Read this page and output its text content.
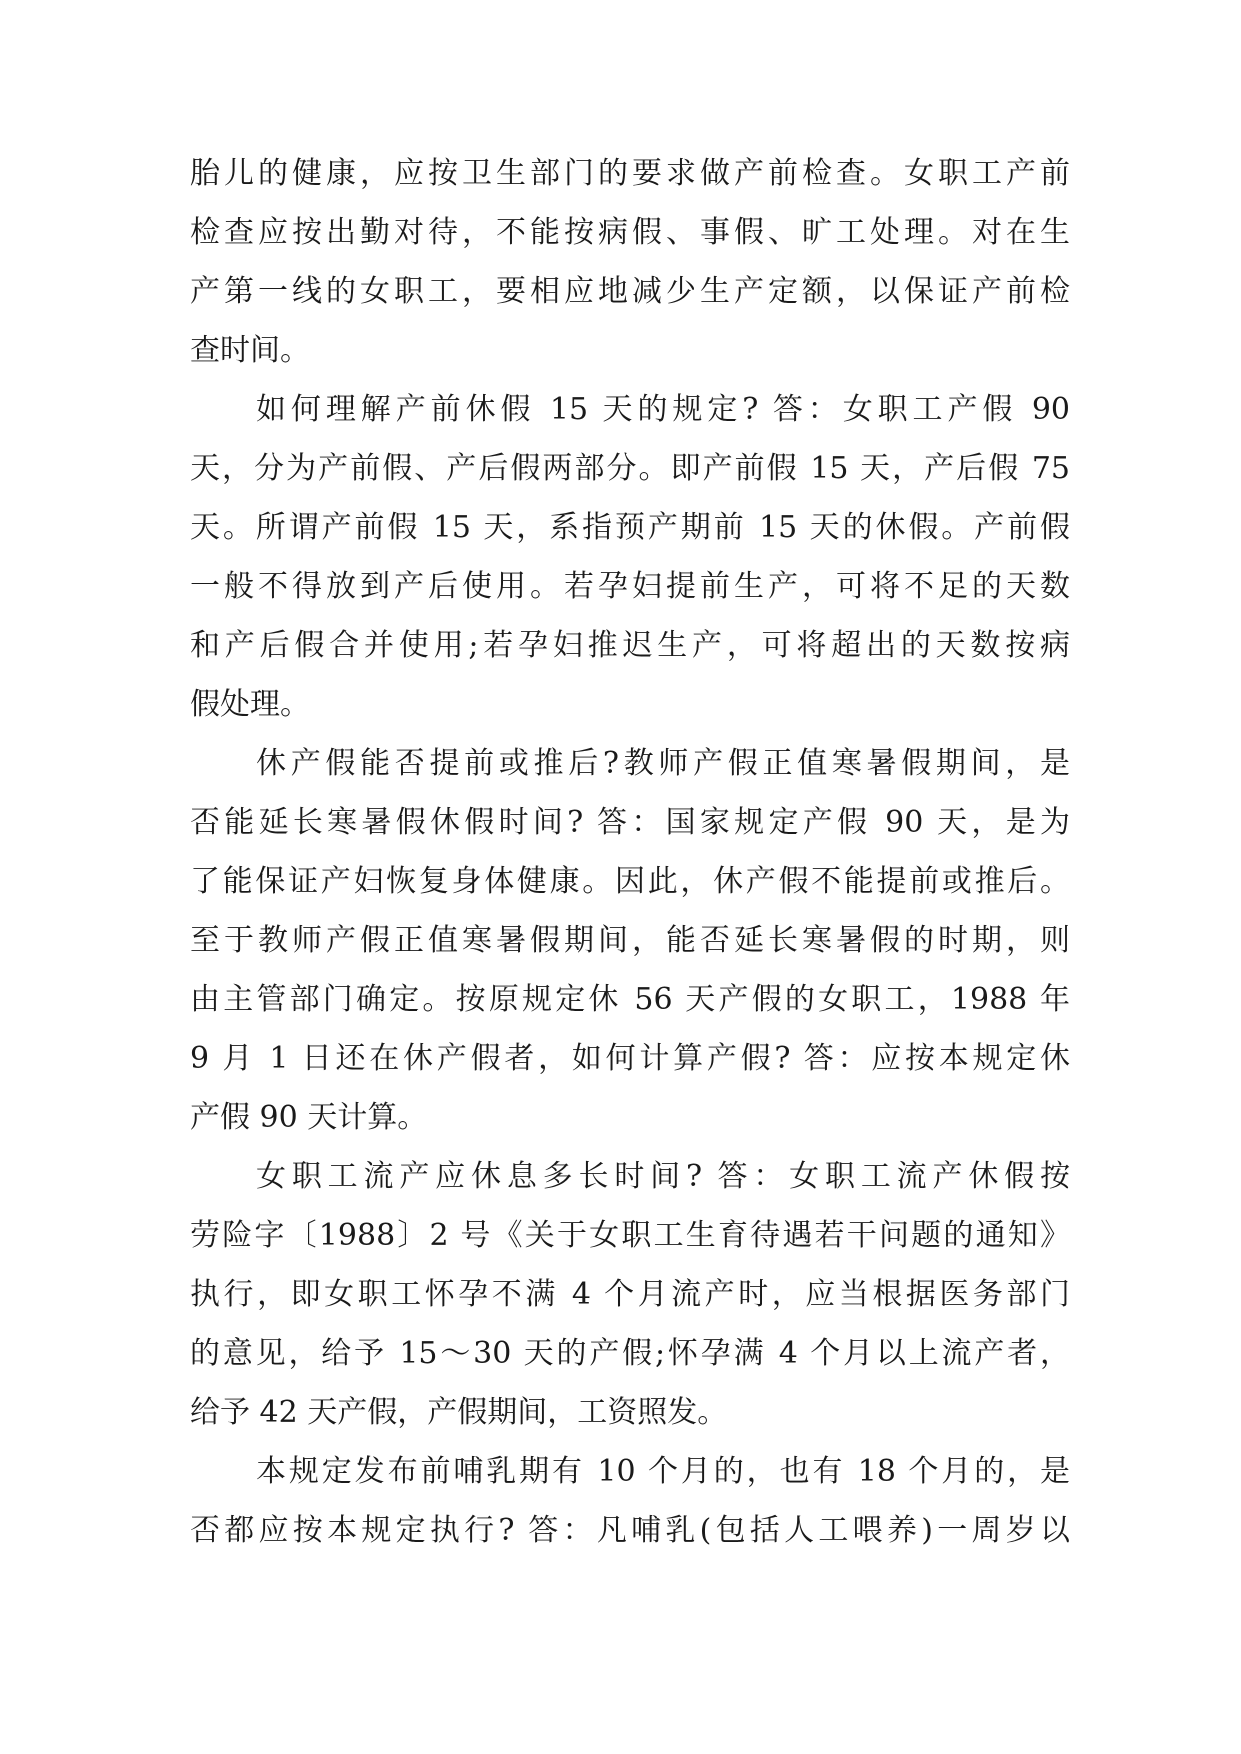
胎儿的健康，应按卫生部门的要求做产前检查。女职工产前

检查应按出勤对待，不能按病假、事假、旷工处理。对在生

产第一线的女职工，要相应地减少生产定额，以保证产前检

查时间。

如何理解产前休假 15 天的规定? 答：女职工产假 90

天，分为产前假、产后假两部分。即产前假 15 天，产后假 75

天。所谓产前假 15 天，系指预产期前 15 天的休假。产前假

一般不得放到产后使用。若孕妇提前生产，可将不足的天数

和产后假合并使用;若孕妇推迟生产，可将超出的天数按病

假处理。

休产假能否提前或推后?教师产假正值寒暑假期间，是

否能延长寒暑假休假时间? 答：国家规定产假 90 天，是为

了能保证产妇恢复身体健康。因此，休产假不能提前或推后。

至于教师产假正值寒暑假期间，能否延长寒暑假的时期，则

由主管部门确定。按原规定休 56 天产假的女职工，1988 年

9 月 1 日还在休产假者，如何计算产假? 答：应按本规定休

产假 90 天计算。

女职工流产应休息多长时间? 答：女职工流产休假按

劳险字〔1988〕2 号《关于女职工生育待遇若干问题的通知》

执行，即女职工怀孕不满 4 个月流产时，应当根据医务部门

的意见，给予 15～30 天的产假;怀孕满 4 个月以上流产者，

给予 42 天产假，产假期间，工资照发。

本规定发布前哺乳期有 10 个月的，也有 18 个月的，是

否都应按本规定执行? 答：凡哺乳(包括人工喂养)一周岁以
